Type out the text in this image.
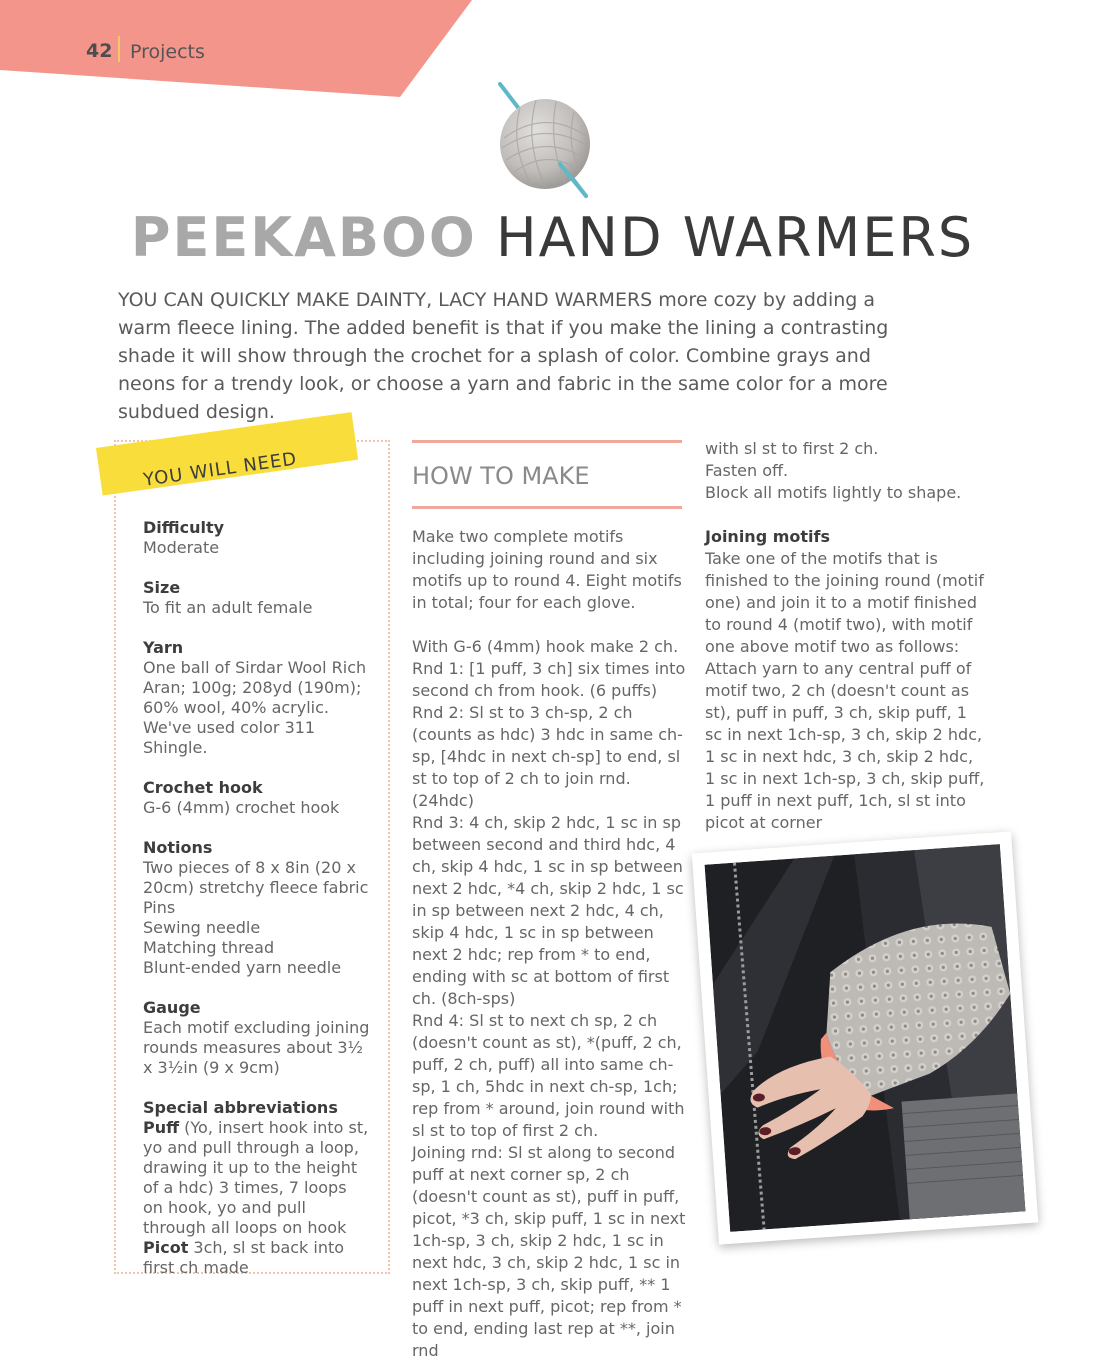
42 Projects
PEEKABOO HAND WARMERS
YOU CAN QUICKLY MAKE DAINTY, LACY HAND WARMERS more cozy by adding a warm fleece lining. The added benefit is that if you make the lining a contrasting shade it will show through the crochet for a splash of color. Combine grays and neons for a trendy look, or choose a yarn and fabric in the same color for a more subdued design.
YOU WILL NEED
Difficulty

Moderate

Size

To fit an adult female

Yarn

One ball of Sirdar Wool Rich Aran; 100g; 208yd (190m); 60% wool, 40% acrylic. We've used color 311 Shingle.

Crochet hook

G-6 (4mm) crochet hook

Notions

Two pieces of 8 x 8in (20 x 20cm) stretchy fleece fabric

Pins

Sewing needle

Matching thread

Blunt-ended yarn needle

Gauge

Each motif excluding joining rounds measures about 3½ x 3½in (9 x 9cm)

Special abbreviations

Puff (Yo, insert hook into st, yo and pull through a loop, drawing it up to the height of a hdc) 3 times, 7 loops on hook, yo and pull through all loops on hook

Picot 3ch, sl st back into first ch made

HOW TO MAKE

Make two complete motifs including joining round and six motifs up to round 4. Eight motifs in total; four for each glove.

With G-6 (4mm) hook make 2 ch.

Rnd 1: [1 puff, 3 ch] six times into second ch from hook. (6 puffs)

Rnd 2: Sl st to 3 ch-sp, 2 ch (counts as hdc) 3 hdc in same ch-sp, [4hdc in next ch-sp] to end, sl st to top of 2 ch to join rnd. (24hdc)

Rnd 3: 4 ch, skip 2 hdc, 1 sc in sp between second and third hdc, 4 ch, skip 4 hdc, 1 sc in sp between next 2 hdc, *4 ch, skip 2 hdc, 1 sc in sp between next 2 hdc, 4 ch, skip 4 hdc, 1 sc in sp between next 2 hdc; rep from * to end, ending with sc at bottom of first ch. (8ch-sps)

Rnd 4: Sl st to next ch sp, 2 ch (doesn't count as st), *(puff, 2 ch, puff, 2 ch, puff) all into same ch-sp, 1 ch, 5hdc in next ch-sp, 1ch; rep from * around, join round with sl st to top of first 2 ch.

Joining rnd: Sl st along to second puff at next corner sp, 2 ch (doesn't count as st), puff in puff, picot, *3 ch, skip puff, 1 sc in next 1ch-sp, 3 ch, skip 2 hdc, 1 sc in next hdc, 3 ch, skip 2 hdc, 1 sc in next 1ch-sp, 3 ch, skip puff, ** 1 puff in next puff, picot; rep from * to end, ending last rep at **, join rnd

with sl st to first 2 ch.

Fasten off.

Block all motifs lightly to shape.

Joining motifs

Take one of the motifs that is finished to the joining round (motif one) and join it to a motif finished to round 4 (motif two), with motif one above motif two as follows:

Attach yarn to any central puff of motif two, 2 ch (doesn't count as st), puff in puff, 3 ch, skip puff, 1 sc in next 1ch-sp, 3 ch, skip 2 hdc, 1 sc in next hdc, 3 ch, skip 2 hdc, 1 sc in next 1ch-sp, 3 ch, skip puff, 1 puff in next puff, 1ch, sl st into picot at corner
